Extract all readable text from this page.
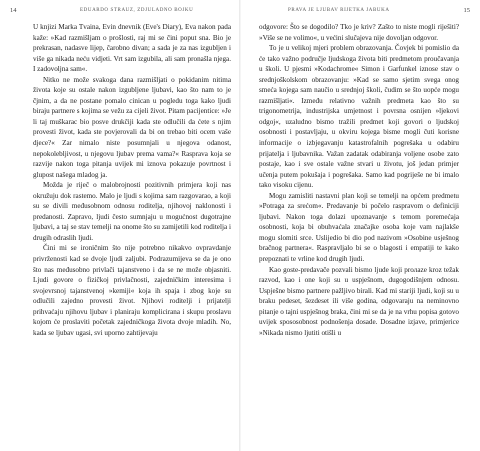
14	EDUARDO STRAUZ, ZDJULADNO BOJKU

U knjizi Marka Tvaina, Evin dnevnik (Eve's Diary), Eva nakon pada kaže: »Kad razmišljam o prošlosti, raj mi se čini poput sna. Bio je prekrasan, nadasve lijep, čarobno divan; a sada je za nas izgubljen i više ga nikada neću vidjeti. Vrt sam izgubila, ali sam pronašla njega. I zadovoljna sam«.

Nitko ne može svakoga dana razmišljati o pokidanim nitima života koje su ostale nakon izgubljene ljubavi, kao što nam to je čjnim, a da ne postane pomalo cinican u pogledu toga kako ljudi biraju partnere s kojima se vežu za cijeli život. Pitam pacijentice: »Je li taj muškarac bio posve drukčiji kada ste odlučili da ćete s njim provesti život, kada ste povjerovali da bi on trebao biti ocem vaše djece?« Zar nimalo niste posumnjali u njegova odanost, nepokolebljivost, u njegovu ljubav prema vama?« Rasprava koja se razvije nakon toga pitanja uvijek mi iznova pokazuje povrtnost i glupost našega mladog ja.

Možda je riječ o malobrojnosti pozitivnih primjera koji nas okružuju dok rastemo. Malo je ljudi s kojima sam razgovarao, a koji su se divili međusobnom odnosu roditelja, njihovoj naklonosti i predanosti. Zapravo, ljudi često sumnjaju u mogućnost dugotrajne ljubavi, a taj se stav temelji na onome što su zamijetili kod roditelja i drugih odraslih ljudi.

Čini mi se ironičnim što nije potrebno nikakvo ovpravdanje privrženosti kad se dvoje ljudi zaljubi. Podrazumijeva se da je ono što nas međusobno privlači tajanstveno i da se ne može objasniti. Ljudi govore o fizičkoj privlačnosti, zajedničkim interesima i svojevrsnoj tajanstvenoj »kemiji« koja ih spaja i zbog koje su odlučili zajedno provesti život. Njihovi roditelji i prijatelji prihvaćaju njihovu ljubav i planiraju komplicirana i skupu proslavu kojom će proslaviti početak zajedničkoga života dvoje mladih. No, kada se ljubav ugasi, svi uporno zahtijevaju

PRAVA JE LJUBAV RIJETKA JABUKA	15

odgovore: Što se dogodilo? Tko je kriv? Zašto to niste mogli riješiti? »Više se ne volimo«, u većini slučajeva nije dovoljan odgovor.

To je u velikoj mjeri problem obrazovanja. Čovjek bi pomislio da će tako važno područje ljudskoga života biti predmetom proučavanja u školi. U pjesmi »Kodachrome« Simon i Garfunkel iznose stav o srednjoškolskom obrazovanju: »Kad se samo sjetim svega onog smeća kojega sam naučio u srednjoj školi, čudim se što uopće mogu razmišljati«. Između relativno važnih predmeta kao što su trigonometrija, industrijska umjetnost i povrsna osnijen »ljekovi odgoj«, uzaludno bismo tražili predmet koji govori o ljudskoj osobnosti i postavljaju, u okviru kojega bisme mogli čuti korisne informacije o izbjegavanju katastrofalnih pogrešaka u odabiru prijatelja i ljubavnika. Važan zadatak odabiranja voljene osobe zato postaje, kao i sve ostale važne stvari u životu, još jedan primjer učenja putem pokušaja i pogrešaka. Samo kad pogriješe ne bi imalo tako visoku cijenu.

Mogu zamisliti nastavni plan koji se temelji na općem predmetu »Potraga za srećom«. Predavanje bi počelo raspravom o definiciji ljubavi. Nakon toga dolazi upoznavanje s temom poremećaja osobnosti, koja bi obuhvaćala značajke osoba koje vam najlakše mogu slomiti srce. Uslijedio bi dio pod nazivom »Osobine usješnog bračnog partnera«. Raspravljalo bi se o blagosti i empatiji te kako prepoznati te vrline kod drugih ljudi.

Kao goste-predavače pozvali bismo ljude koji proлaze kroz težak razvod, kao i one koji su u uspješnom, dugogodišnjem odnosu. Uspješne bismo partnere pažljivo birali. Kad mi stariji ljudi, koji su u braku pedeset, šezdeset ili više godina, odgovaraju na neminovno pitanje o tajni uspješnog braka, čini mi se da je na vrhu popisa gotovo uvijek spososobnost podnošenja dosade. Dosadne izjave, primjerice »Nikada nismo ljutiti otišli u
